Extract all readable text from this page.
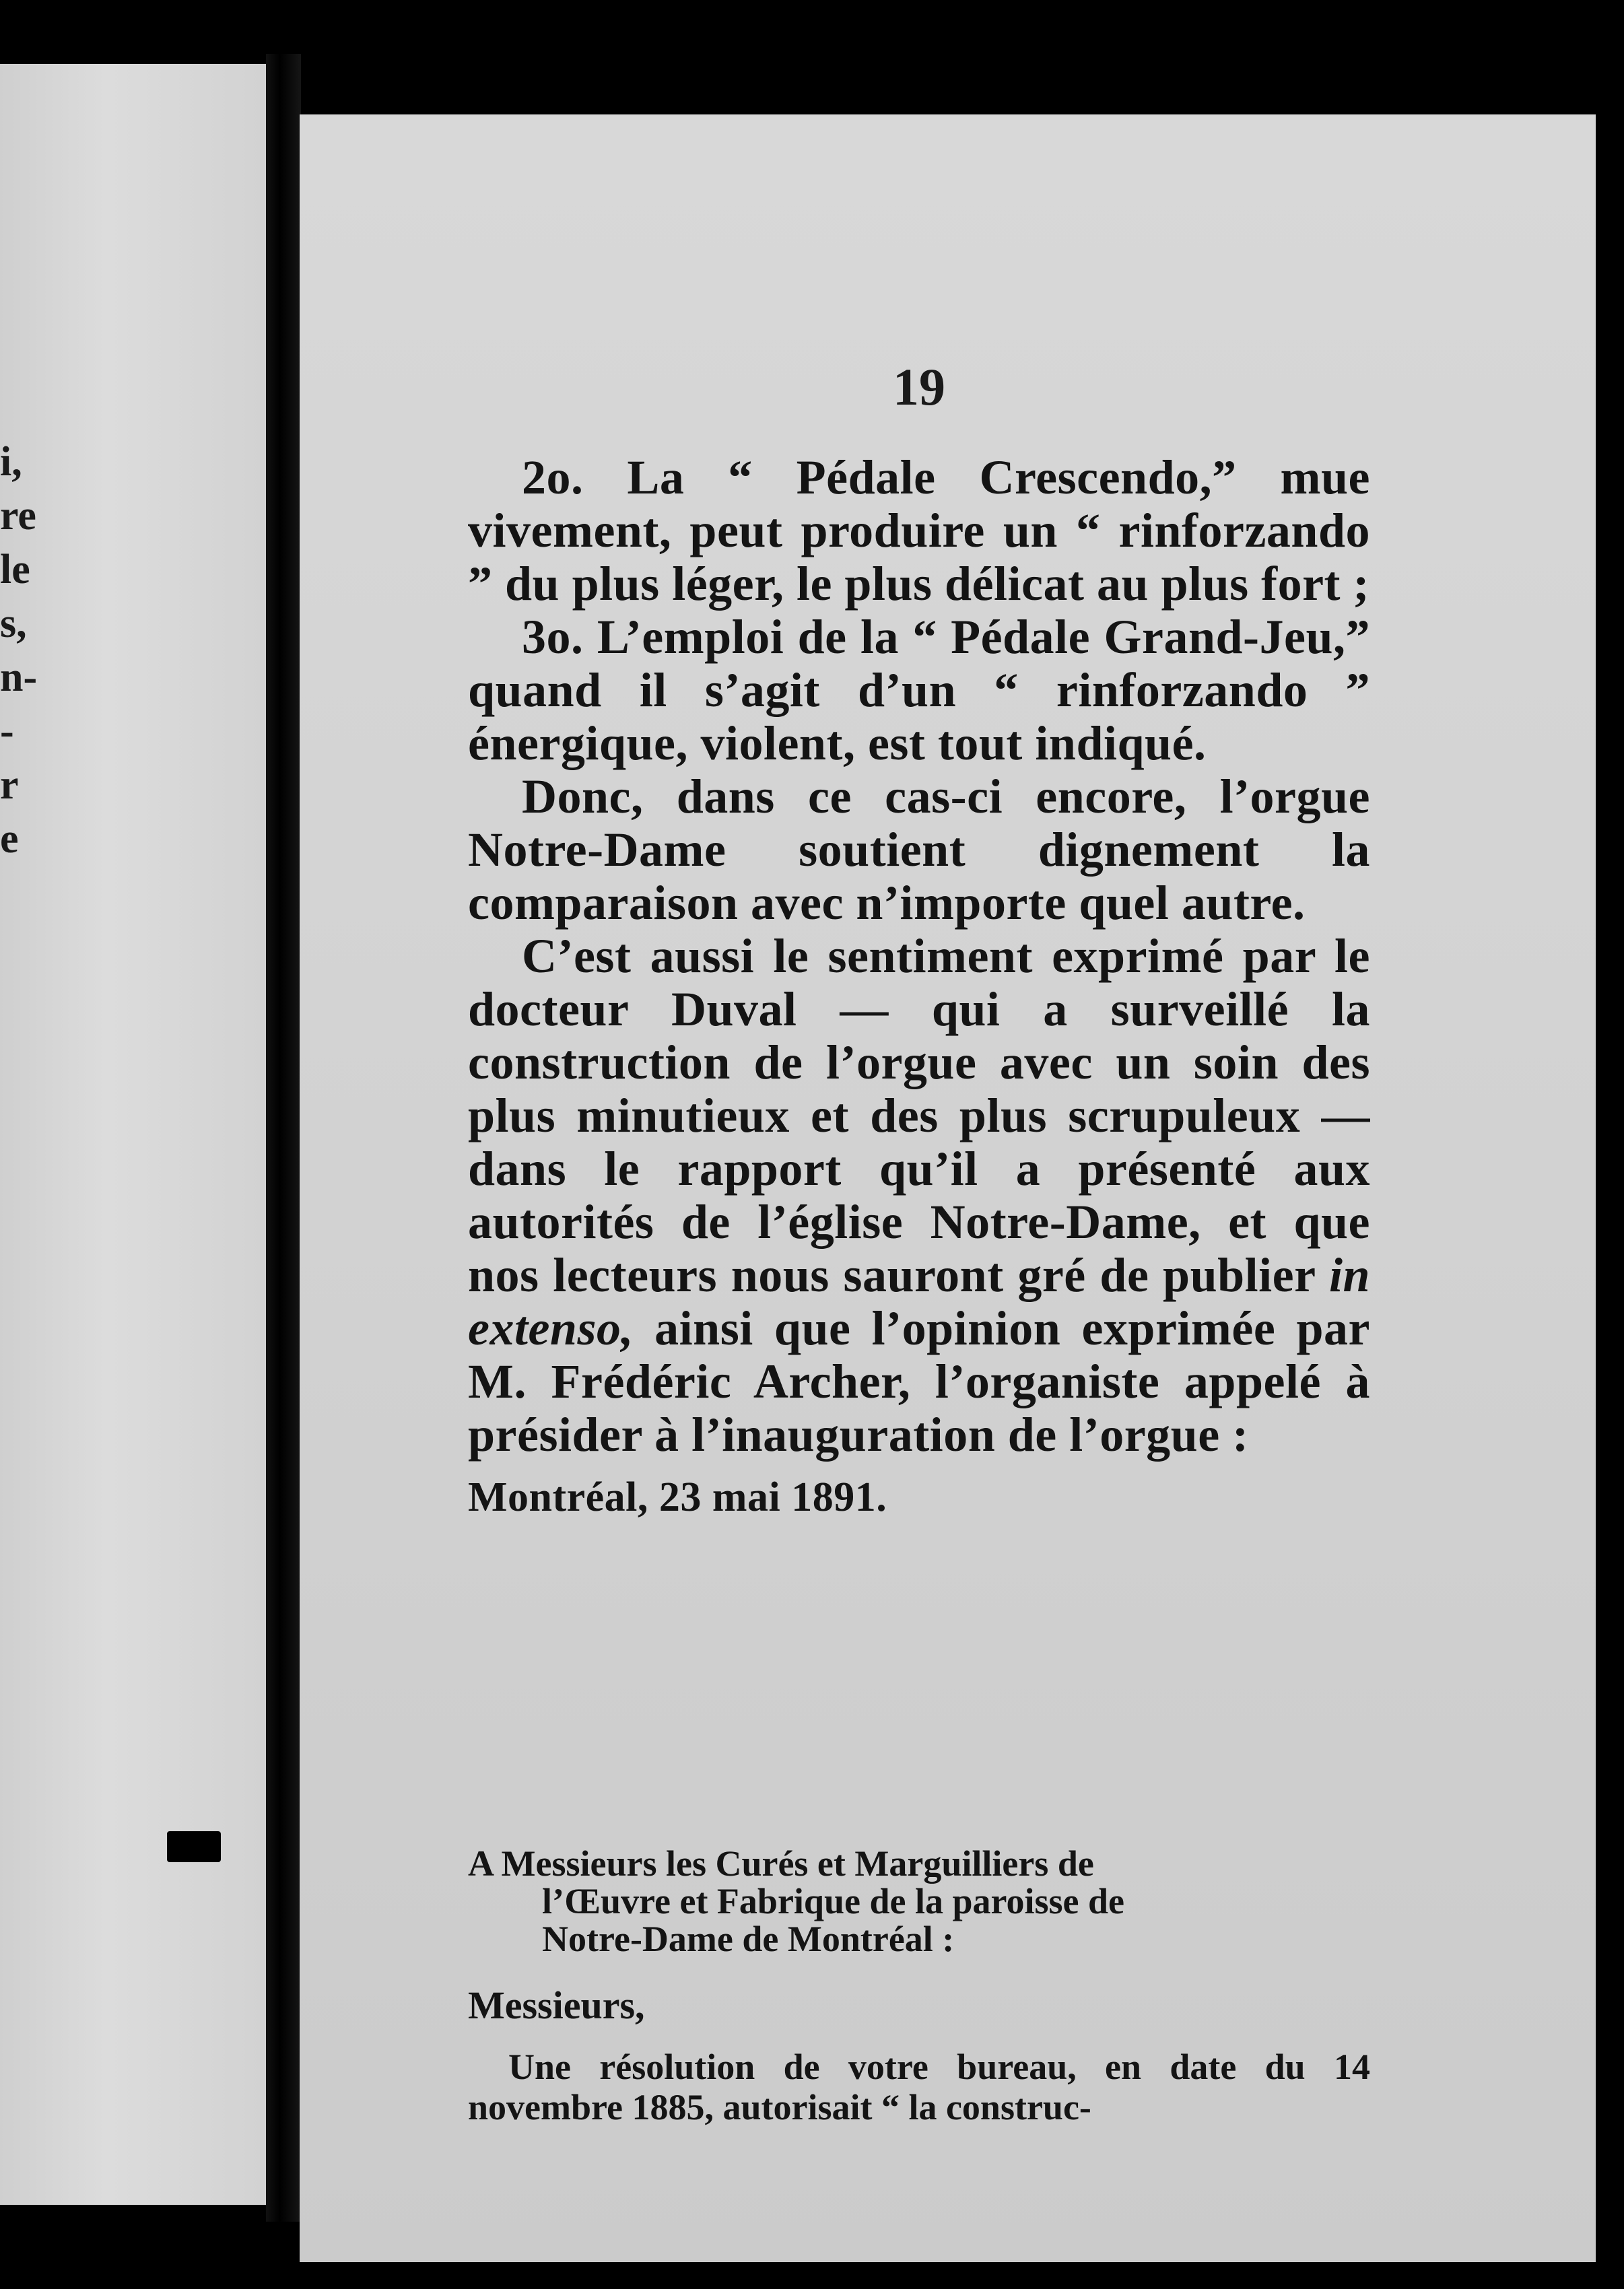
i,
re
le
s,
n-
-
r
e
19

2o. La “ Pédale Crescendo,” mue vivement, peut produire un “ rinforzando ” du plus léger, le plus délicat au plus fort ;

3o. L’emploi de la “ Pédale Grand-Jeu,” quand il s’agit d’un “ rinforzando ” énergique, violent, est tout indiqué.

Donc, dans ce cas-ci encore, l’orgue Notre-Dame soutient dignement la comparaison avec n’importe quel autre.

C’est aussi le sentiment exprimé par le docteur Duval — qui a surveillé la construction de l’orgue avec un soin des plus minutieux et des plus scrupuleux — dans le rapport qu’il a présenté aux autorités de l’église Notre-Dame, et que nos lecteurs nous sauront gré de publier in extenso, ainsi que l’opinion exprimée par M. Frédéric Archer, l’organiste appelé à présider à l’inauguration de l’orgue :

Montréal, 23 mai 1891.

A Messieurs les Curés et Marguilliers de
l’Œuvre et Fabrique de la paroisse de
Notre-Dame de Montréal :

Messieurs,

Une résolution de votre bureau, en date du 14 novembre 1885, autorisait “ la construc-
